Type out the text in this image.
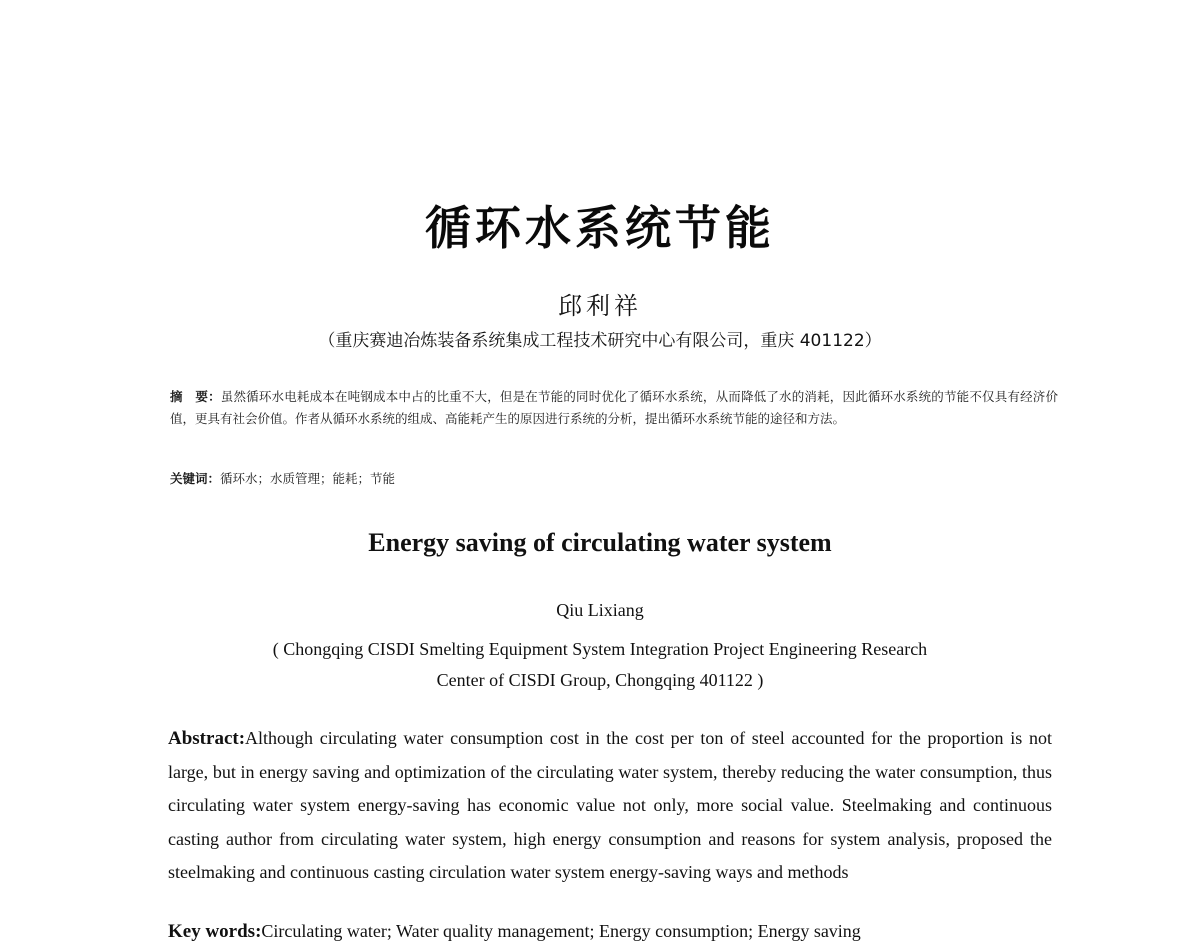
循环水系统节能
邱利祥
（重庆赛迪冶炼装备系统集成工程技术研究中心有限公司，重庆 401122）
摘　要：虽然循环水电耗成本在吨钢成本中占的比重不大，但是在节能的同时优化了循环水系统，从而降低了水的消耗，因此循环水系统的节能不仅具有经济价值，更具有社会价值。作者从循环水系统的组成、高能耗产生的原因进行系统的分析，提出循环水系统节能的途径和方法。
关键词：循环水；水质管理；能耗；节能
Energy saving of circulating water system
Qiu Lixiang
( Chongqing CISDI Smelting Equipment System Integration Project Engineering Research
Center of CISDI Group, Chongqing 401122 )
Abstract:Although circulating water consumption cost in the cost per ton of steel accounted for the proportion is not large, but in energy saving and optimization of the circulating water system, thereby reducing the water consumption, thus circulating water system energy-saving has economic value not only, more social value. Steelmaking and continuous casting author from circulating water system, high energy consumption and reasons for system analysis, proposed the steelmaking and continuous casting circulation water system energy-saving ways and methods
Key words:Circulating water; Water quality management; Energy consumption; Energy saving
